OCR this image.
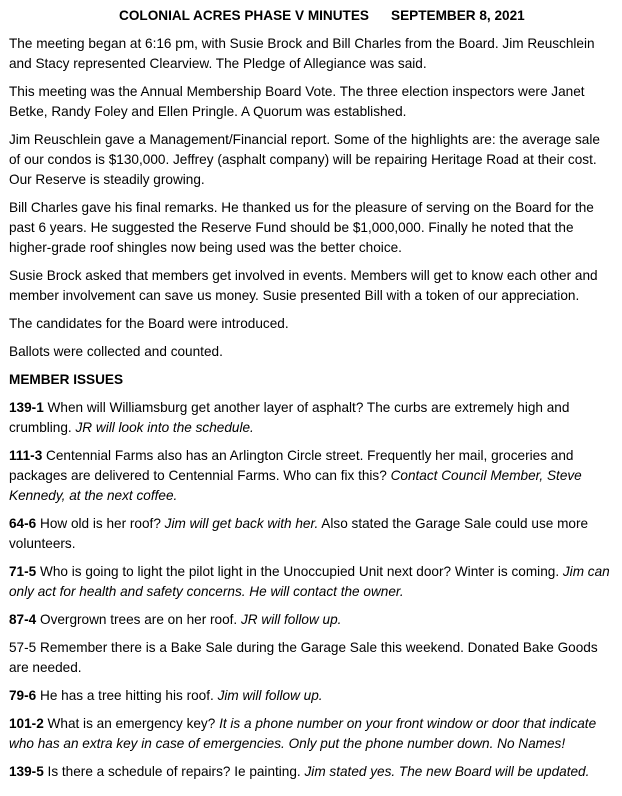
COLONIAL ACRES PHASE V MINUTES SEPTEMBER 8, 2021

The meeting began at 6:16 pm, with Susie Brock and Bill Charles from the Board. Jim Reuschlein and Stacy represented Clearview. The Pledge of Allegiance was said.

This meeting was the Annual Membership Board Vote. The three election inspectors were Janet Betke, Randy Foley and Ellen Pringle. A Quorum was established.

Jim Reuschlein gave a Management/Financial report. Some of the highlights are: the average sale of our condos is $130,000. Jeffrey (asphalt company) will be repairing Heritage Road at their cost. Our Reserve is steadily growing.

Bill Charles gave his final remarks. He thanked us for the pleasure of serving on the Board for the past 6 years. He suggested the Reserve Fund should be $1,000,000. Finally he noted that the higher-grade roof shingles now being used was the better choice.

Susie Brock asked that members get involved in events. Members will get to know each other and member involvement can save us money. Susie presented Bill with a token of our appreciation.

The candidates for the Board were introduced.

Ballots were collected and counted.

MEMBER ISSUES
139-1 When will Williamsburg get another layer of asphalt? The curbs are extremely high and crumbling. JR will look into the schedule.
111-3 Centennial Farms also has an Arlington Circle street. Frequently her mail, groceries and packages are delivered to Centennial Farms. Who can fix this? Contact Council Member, Steve Kennedy, at the next coffee.
64-6 How old is her roof? Jim will get back with her. Also stated the Garage Sale could use more volunteers.
71-5 Who is going to light the pilot light in the Unoccupied Unit next door? Winter is coming. Jim can only act for health and safety concerns. He will contact the owner.
87-4 Overgrown trees are on her roof. JR will follow up.
57-5 Remember there is a Bake Sale during the Garage Sale this weekend. Donated Bake Goods are needed.
79-6 He has a tree hitting his roof. Jim will follow up.
101-2 What is an emergency key? It is a phone number on your front window or door that indicate who has an extra key in case of emergencies. Only put the phone number down. No Names!
139-5 Is there a schedule of repairs? Ie painting. Jim stated yes. The new Board will be updated.
